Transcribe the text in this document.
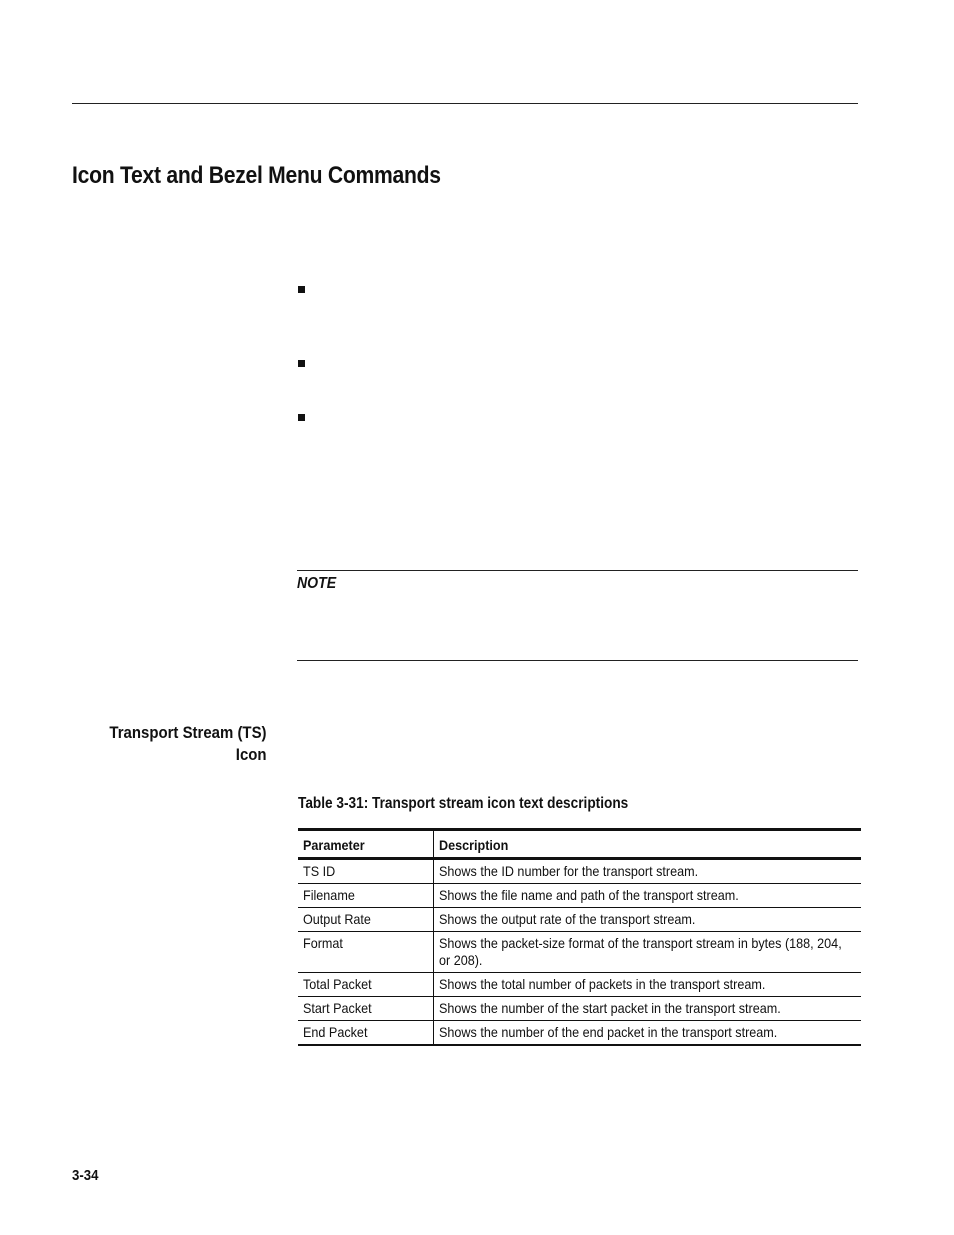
Icon Text and Bezel Menu Commands
NOTE
Transport Stream (TS)
Icon
Table 3-31: Transport stream icon text descriptions
Parameter	Description
TS ID	Shows the ID number for the transport stream.
Filename	Shows the file name and path of the transport stream.
Output Rate	Shows the output rate of the transport stream.
Format	Shows the packet-size format of the transport stream in bytes (188, 204, or 208).
Total Packet	Shows the total number of packets in the transport stream.
Start Packet	Shows the number of the start packet in the transport stream.
End Packet	Shows the number of the end packet in the transport stream.
3-34
